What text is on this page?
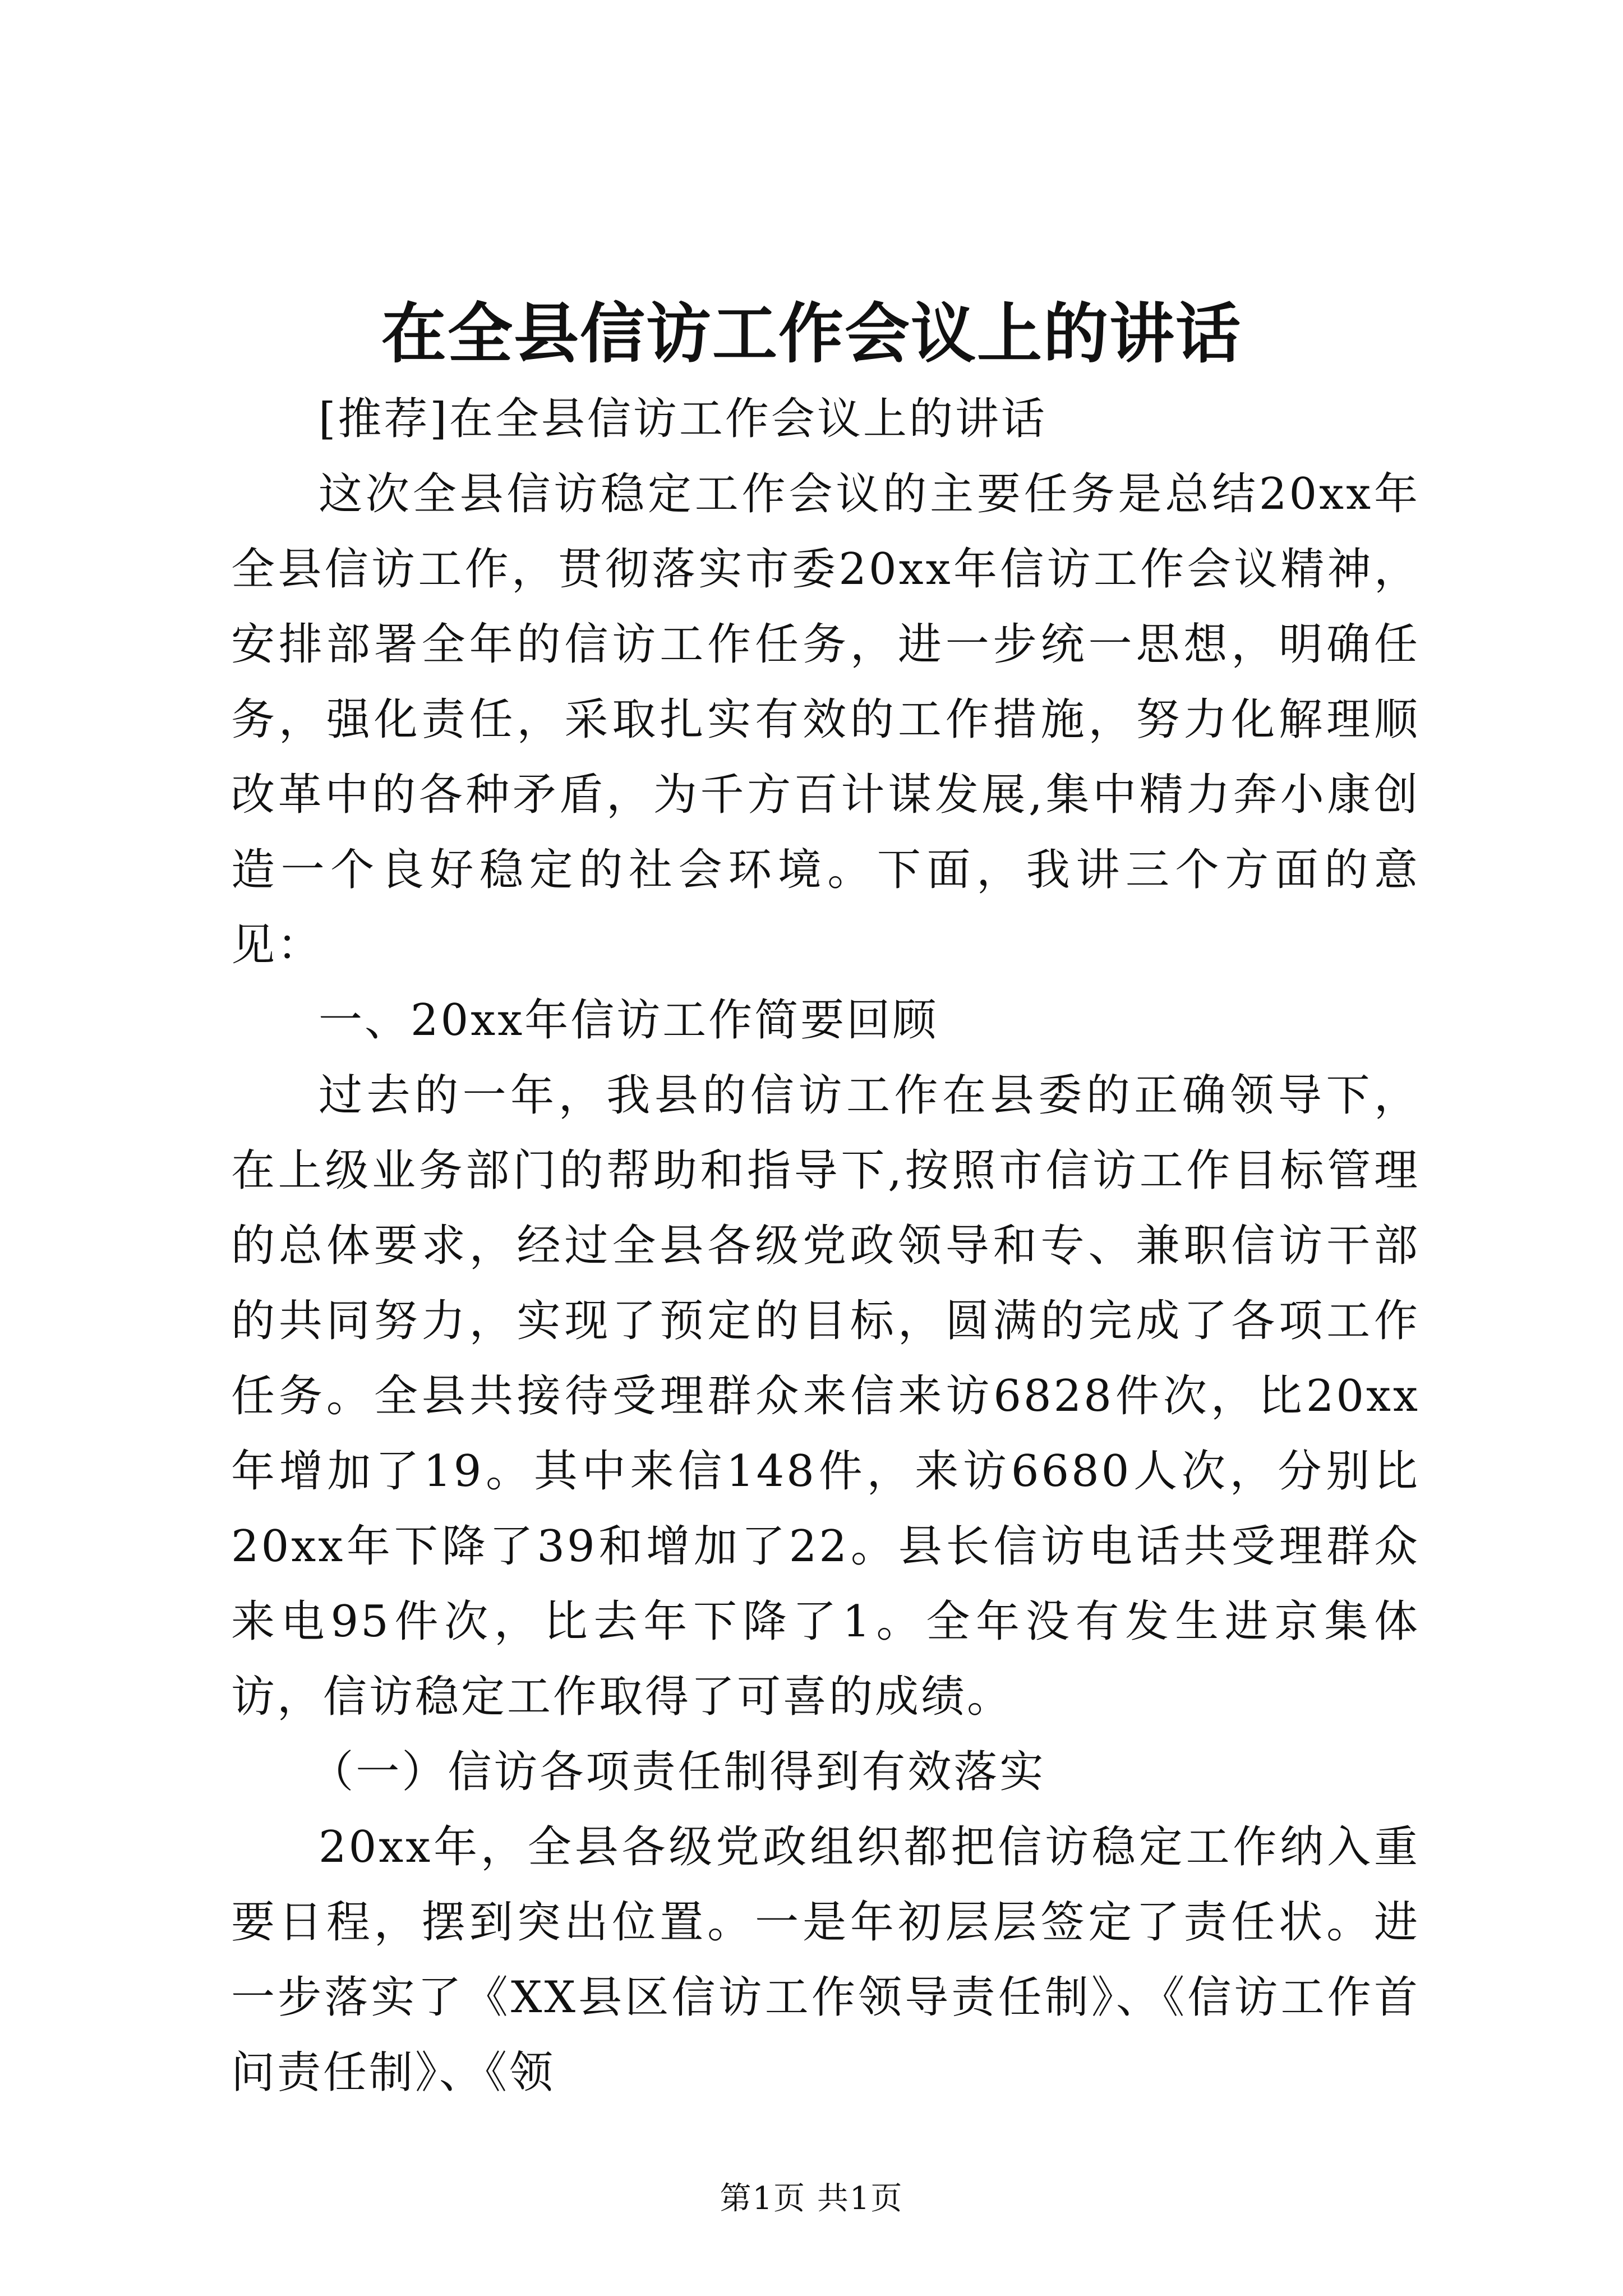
在全县信访工作会议上的讲话

[推荐]在全县信访工作会议上的讲话

这次全县信访稳定工作会议的主要任务是总结20xx年全县信访工作，贯彻落实市委20xx年信访工作会议精神，安排部署全年的信访工作任务，进一步统一思想，明确任务，强化责任，采取扎实有效的工作措施，努力化解理顺改革中的各种矛盾，为千方百计谋发展,集中精力奔小康创造一个良好稳定的社会环境。下面，我讲三个方面的意见：

一、20xx年信访工作简要回顾

过去的一年，我县的信访工作在县委的正确领导下，在上级业务部门的帮助和指导下,按照市信访工作目标管理的总体要求，经过全县各级党政领导和专、兼职信访干部的共同努力，实现了预定的目标，圆满的完成了各项工作任务。全县共接待受理群众来信来访6828件次，比20xx年增加了19。其中来信148件，来访6680人次，分别比20xx年下降了39和增加了22。县长信访电话共受理群众来电95件次，比去年下降了1。全年没有发生进京集体访，信访稳定工作取得了可喜的成绩。

（一）信访各项责任制得到有效落实

20xx年，全县各级党政组织都把信访稳定工作纳入重要日程，摆到突出位置。一是年初层层签定了责任状。进一步落实了《XX县区信访工作领导责任制》、《信访工作首问责任制》、《领

第1页 共1页
